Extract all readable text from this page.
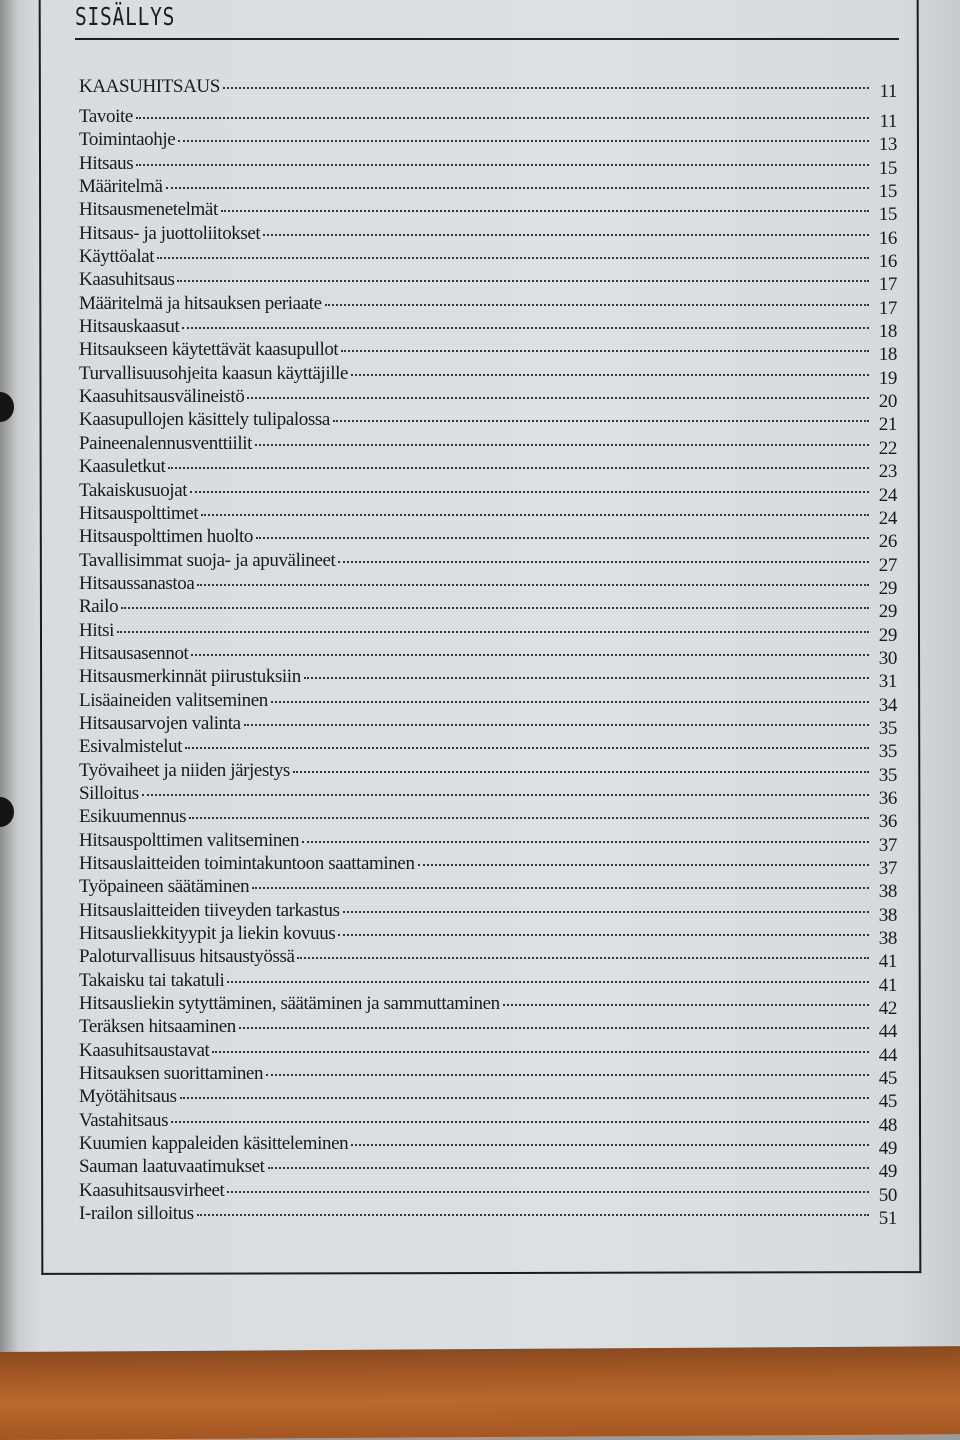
SISÄLLYS
KAASUHITSAUS	11
Tavoite	11
Toimintaohje	13
Hitsaus	15
Määritelmä	15
Hitsausmenetelmät	15
Hitsaus- ja juottoliitokset	16
Käyttöalat	16
Kaasuhitsaus	17
Määritelmä ja hitsauksen periaate	17
Hitsauskaasut	18
Hitsaukseen käytettävät kaasupullot	18
Turvallisuusohjeita kaasun käyttäjille	19
Kaasuhitsausvälineistö	20
Kaasupullojen käsittely tulipalossa	21
Paineenalennusventtiilit	22
Kaasuletkut	23
Takaiskusuojat	24
Hitsauspolttimet	24
Hitsauspolttimen huolto	26
Tavallisimmat suoja- ja apuvälineet	27
Hitsaussanastoa	29
Railo	29
Hitsi	29
Hitsausasennot	30
Hitsausmerkinnät piirustuksiin	31
Lisäaineiden valitseminen	34
Hitsausarvojen valinta	35
Esivalmistelut	35
Työvaiheet ja niiden järjestys	35
Silloitus	36
Esikuumennus	36
Hitsauspolttimen valitseminen	37
Hitsauslaitteiden toimintakuntoon saattaminen	37
Työpaineen säätäminen	38
Hitsauslaitteiden tiiveyden tarkastus	38
Hitsausliekkityypit ja liekin kovuus	38
Paloturvallisuus hitsaustyössä	41
Takaisku tai takatuli	41
Hitsausliekin sytyttäminen, säätäminen ja sammuttaminen	42
Teräksen hitsaaminen	44
Kaasuhitsaustavat	44
Hitsauksen suorittaminen	45
Myötähitsaus	45
Vastahitsaus	48
Kuumien kappaleiden käsitteleminen	49
Sauman laatuvaatimukset	49
Kaasuhitsausvirheet	50
I-railon silloitus	51
